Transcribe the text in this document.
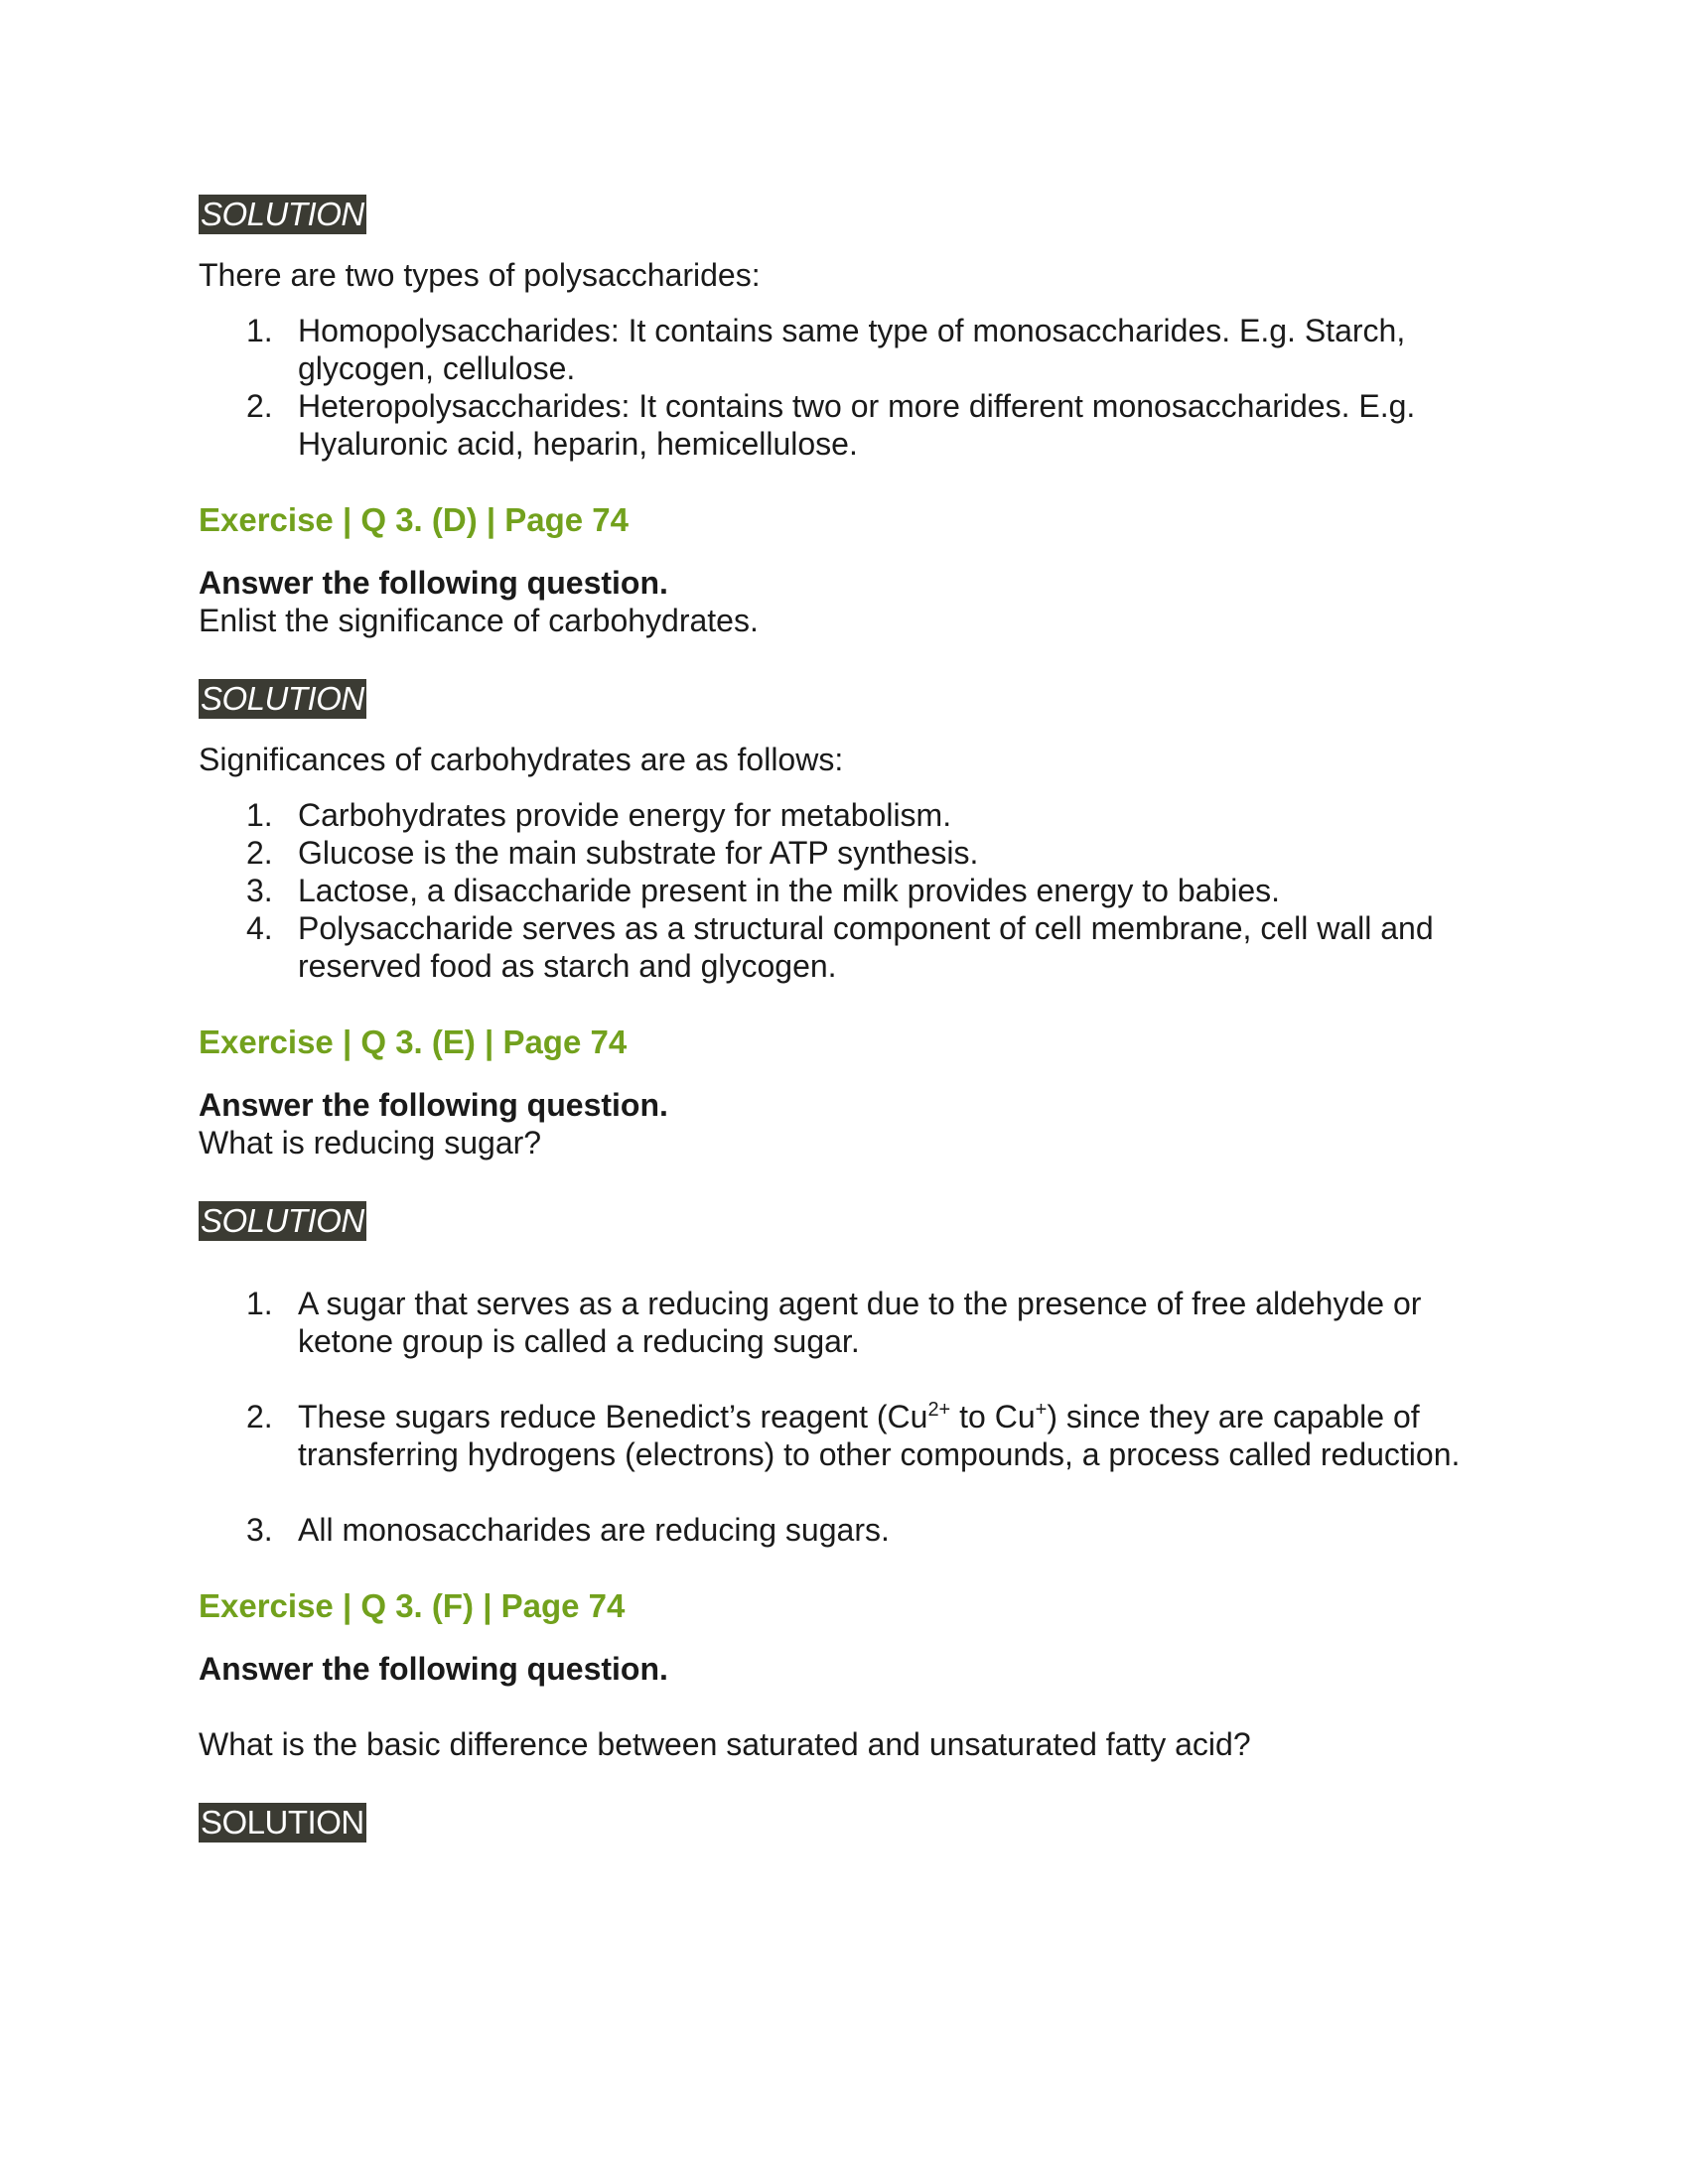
SOLUTION

There are two types of polysaccharides:

1. Homopolysaccharides: It contains same type of monosaccharides. E.g. Starch, glycogen, cellulose.
2. Heteropolysaccharides: It contains two or more different monosaccharides. E.g. Hyaluronic acid, heparin, hemicellulose.
Exercise | Q 3. (D) | Page 74

Answer the following question.

Enlist the significance of carbohydrates.

SOLUTION

Significances of carbohydrates are as follows:

1. Carbohydrates provide energy for metabolism.
2. Glucose is the main substrate for ATP synthesis.
3. Lactose, a disaccharide present in the milk provides energy to babies.
4. Polysaccharide serves as a structural component of cell membrane, cell wall and reserved food as starch and glycogen.
Exercise | Q 3. (E) | Page 74

Answer the following question.

What is reducing sugar?

SOLUTION
1. A sugar that serves as a reducing agent due to the presence of free aldehyde or ketone group is called a reducing sugar.
2. These sugars reduce Benedict’s reagent ($Cu^{2+}$ to Cu+) since they are capable of transferring hydrogens (electrons) to other compounds, a process called reduction.
3. All monosaccharides are reducing sugars.
Exercise | Q 3. (F) | Page 74

Answer the following question.

What is the basic difference between saturated and unsaturated fatty acid?

SOLUTION
